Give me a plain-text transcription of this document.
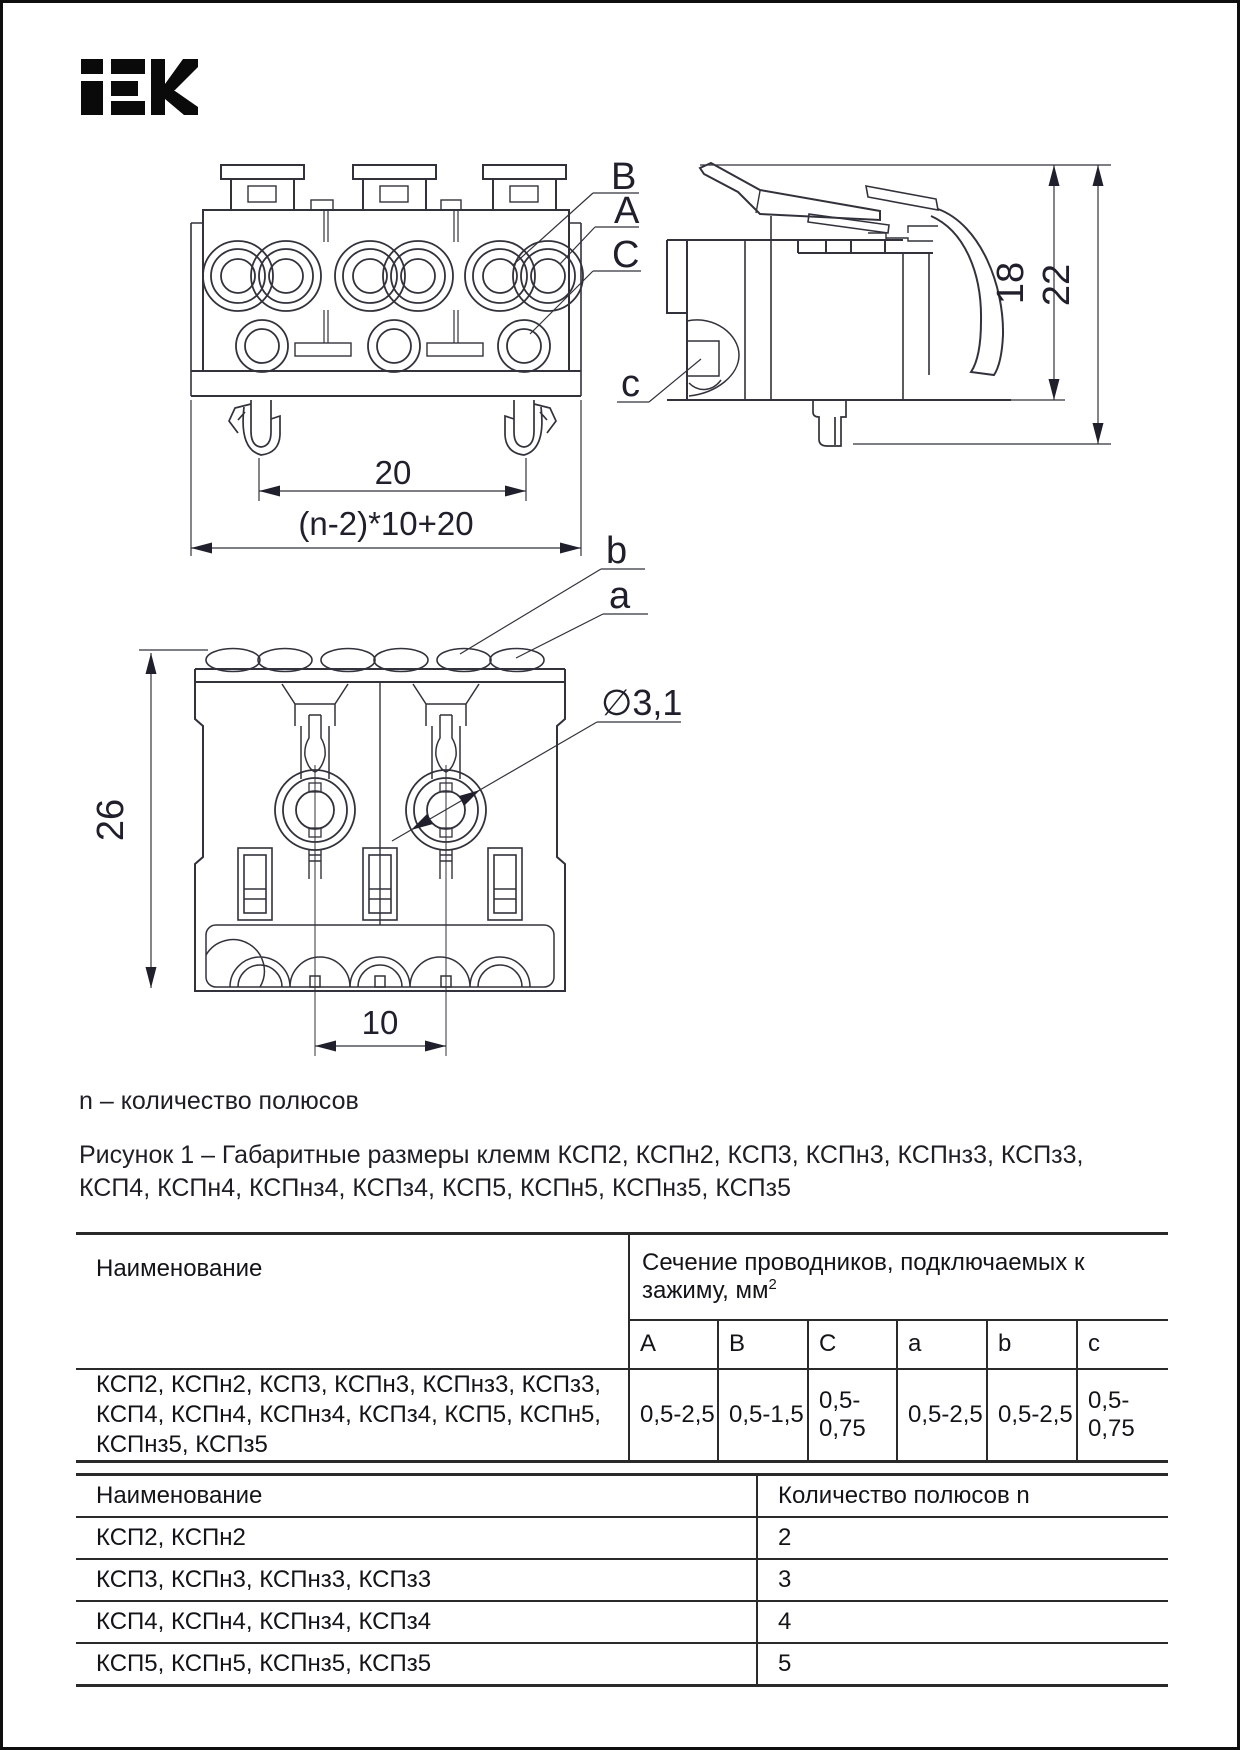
B
A
C
20
(n-2)*10+20
c
18 22
b
a
∅3,1
26
10
n – количество полюсов
Рисунок 1 – Габаритные размеры клемм КСП2, КСПн2, КСП3, КСПн3, КСПнз3, КСПз3, КСП4, КСПн4, КСПнз4, КСПз4, КСП5, КСПн5, КСПнз5, КСПз5
Наименование	Сечение проводников, подключаемых к зажиму, $мм^2$
	A	B	C	a	b	c
КСП2, КСПн2, КСП3, КСПн3, КСПнз3, КСПз3, КСП4, КСПн4, КСПнз4, КСПз4, КСП5, КСПн5, КСПнз5, КСПз5	0,5-2,5	0,5-1,5	0,5-0,75	0,5-2,5	0,5-2,5	0,5-0,75
Наименование	Количество полюсов n
КСП2, КСПн2	2
КСП3, КСПн3, КСПнз3, КСПз3	3
КСП4, КСПн4, КСПнз4, КСПз4	4
КСП5, КСПн5, КСПнз5, КСПз5	5
